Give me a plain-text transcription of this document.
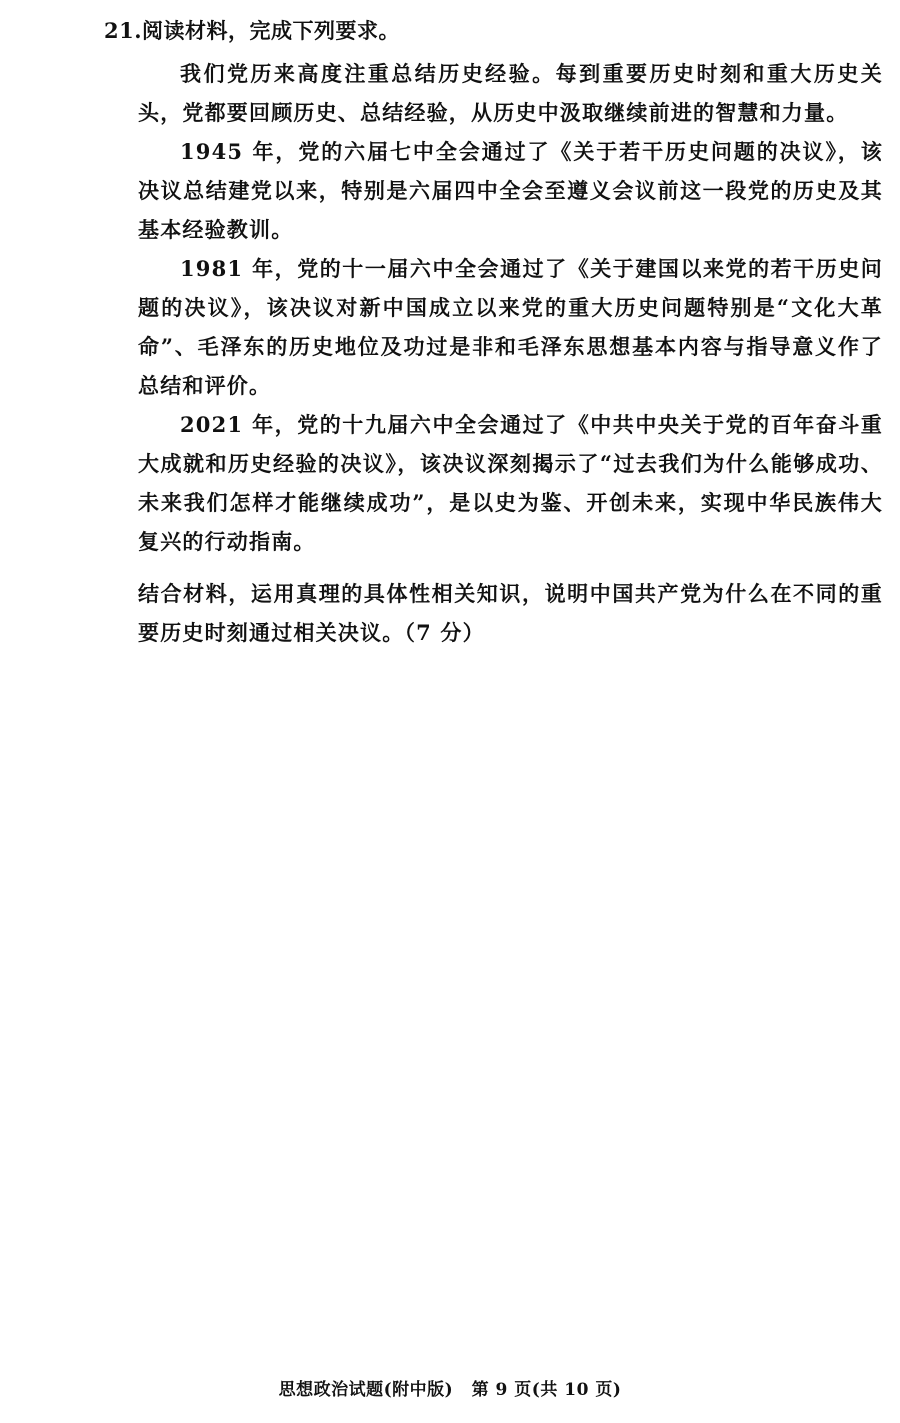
21.阅读材料，完成下列要求。

我们党历来高度注重总结历史经验。每到重要历史时刻和重大历史关头，党都要回顾历史、总结经验，从历史中汲取继续前进的智慧和力量。

1945 年，党的六届七中全会通过了《关于若干历史问题的决议》，该决议总结建党以来，特别是六届四中全会至遵义会议前这一段党的历史及其基本经验教训。

1981 年，党的十一届六中全会通过了《关于建国以来党的若干历史问题的决议》，该决议对新中国成立以来党的重大历史问题特别是“文化大革命”、毛泽东的历史地位及功过是非和毛泽东思想基本内容与指导意义作了总结和评价。

2021 年，党的十九届六中全会通过了《中共中央关于党的百年奋斗重大成就和历史经验的决议》，该决议深刻揭示了“过去我们为什么能够成功、未来我们怎样才能继续成功”，是以史为鉴、开创未来，实现中华民族伟大复兴的行动指南。

结合材料，运用真理的具体性相关知识，说明中国共产党为什么在不同的重要历史时刻通过相关决议。（7 分）
思想政治试题(附中版) 第 9 页(共 10 页)
